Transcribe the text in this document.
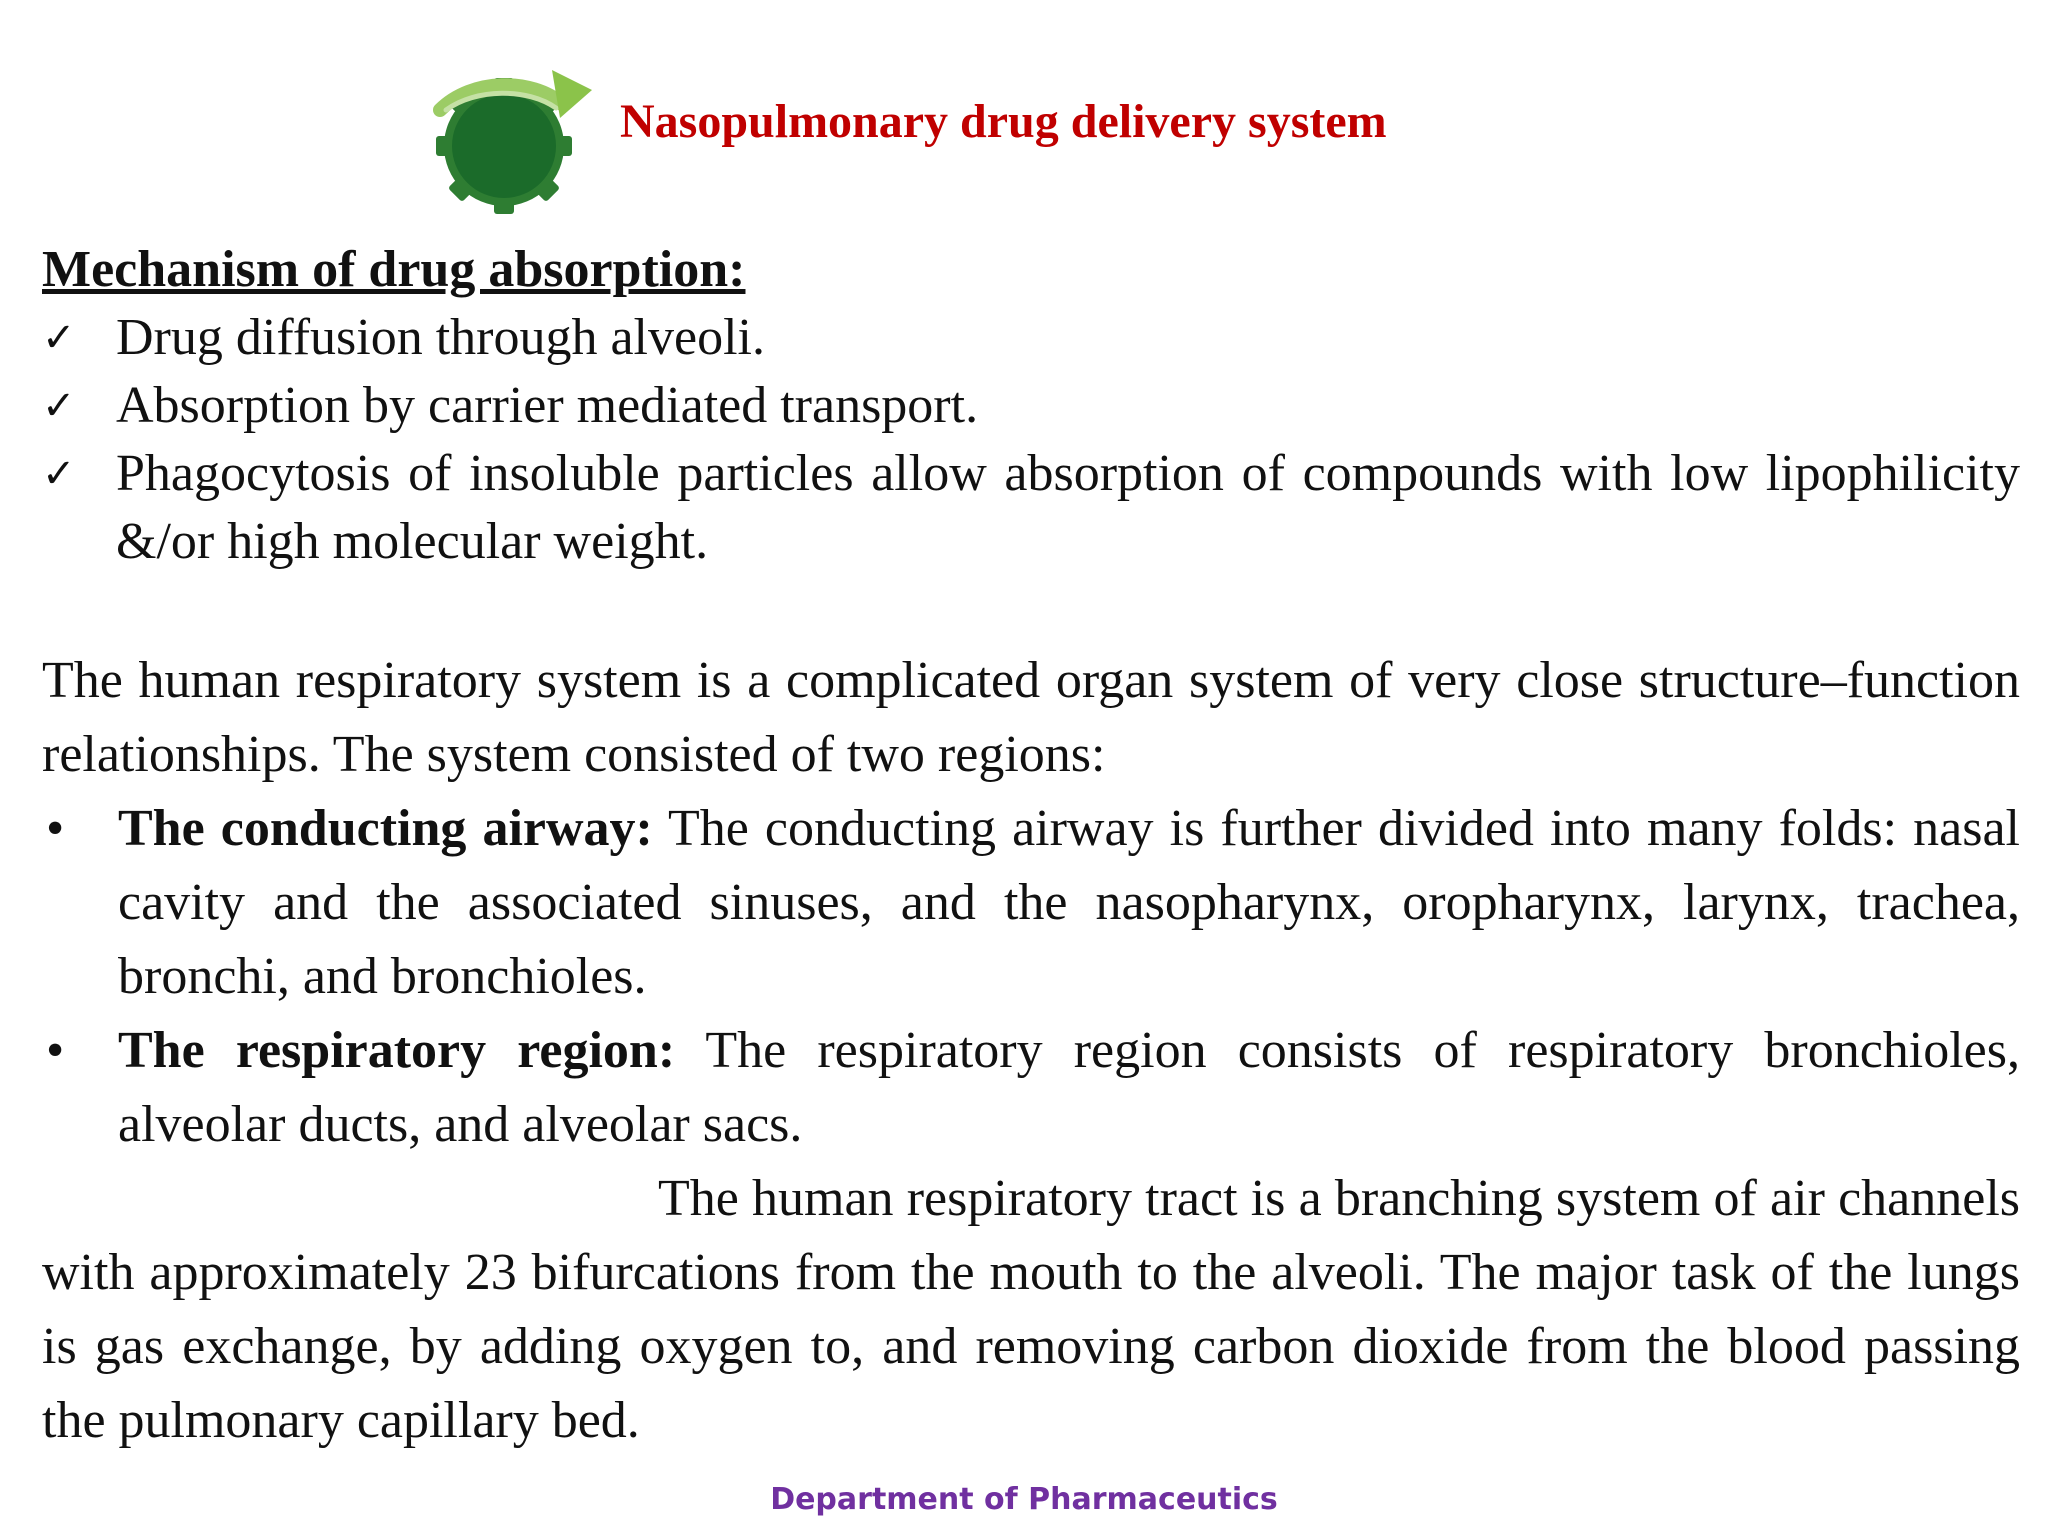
Nasopulmonary drug delivery system
Mechanism of drug absorption:
✓ Drug diffusion through alveoli.
✓ Absorption by carrier mediated transport.
✓ Phagocytosis of insoluble particles allow absorption of compounds with low lipophilicity &/or high molecular weight.

The human respiratory system is a complicated organ system of very close structure–function relationships. The system consisted of two regions:

• The conducting airway: The conducting airway is further divided into many folds: nasal cavity and the associated sinuses, and the nasopharynx, oropharynx, larynx, trachea, bronchi, and bronchioles.
• The respiratory region: The respiratory region consists of respiratory bronchioles, alveolar ducts, and alveolar sacs.

The human respiratory tract is a branching system of air channels with approximately 23 bifurcations from the mouth to the alveoli. The major task of the lungs is gas exchange, by adding oxygen to, and removing carbon dioxide from the blood passing the pulmonary capillary bed.

Department of Pharmaceutics
